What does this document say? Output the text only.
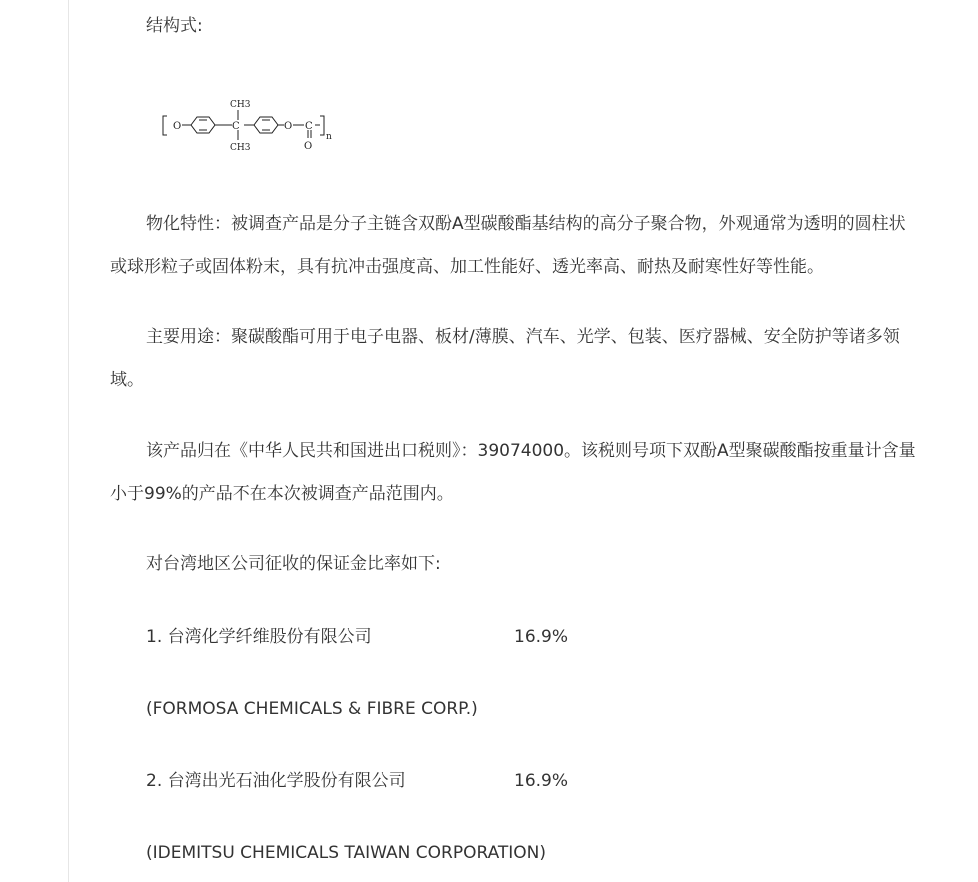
结构式:

物化特性：被调查产品是分子主链含双酚A型碳酸酯基结构的高分子聚合物，外观通常为透明的圆柱状或球形粒子或固体粉末，具有抗冲击强度高、加工性能好、透光率高、耐热及耐寒性好等性能。

主要用途：聚碳酸酯可用于电子电器、板材/薄膜、汽车、光学、包装、医疗器械、安全防护等诸多领域。

该产品归在《中华人民共和国进出口税则》：39074000。该税则号项下双酚A型聚碳酸酯按重量计含量小于99%的产品不在本次被调查产品范围内。

对台湾地区公司征收的保证金比率如下:

1. 台湾化学纤维股份有限公司	16.9%

(FORMOSA CHEMICALS & FIBRE CORP.)

2. 台湾出光石油化学股份有限公司	16.9%

(IDEMITSU CHEMICALS TAIWAN CORPORATION)

O	C
CH3
CH3
O C
O
n
